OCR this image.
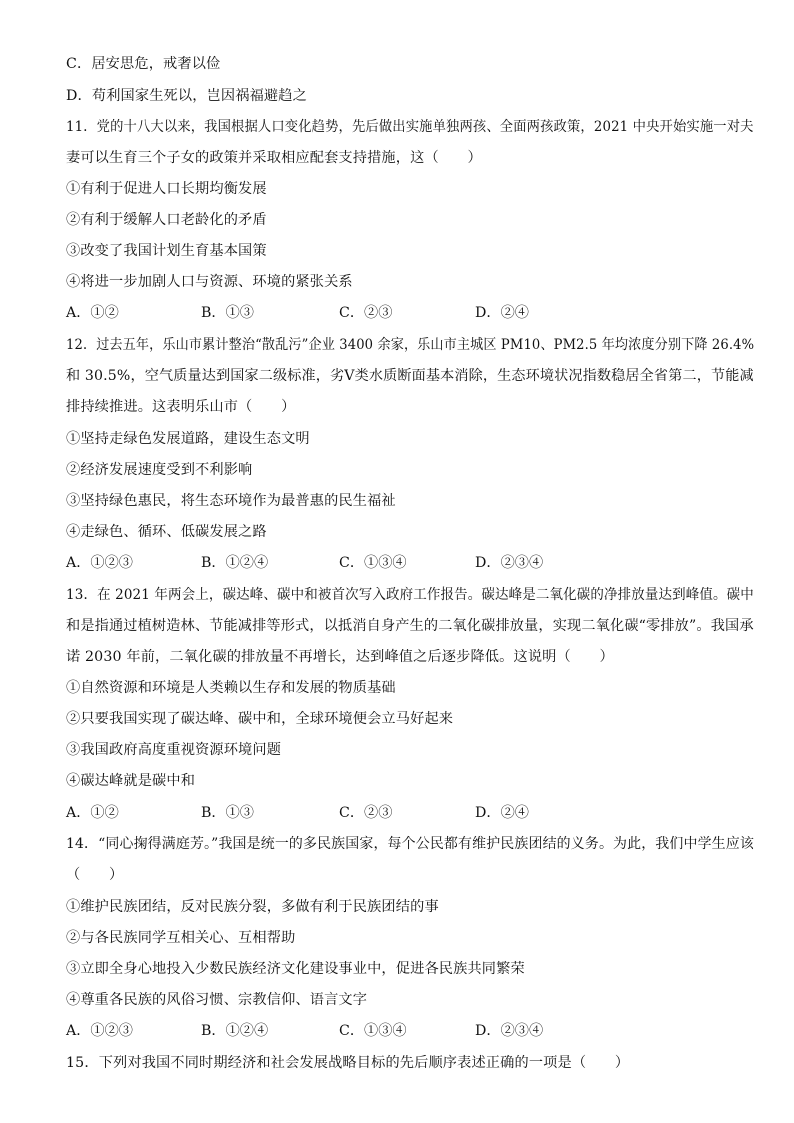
C．居安思危，戒奢以俭
D．苟利国家生死以，岂因祸福避趋之
11．党的十八大以来，我国根据人口变化趋势，先后做出实施单独两孩、全面两孩政策，2021 中央开始实施一对夫
妻可以生育三个子女的政策并采取相应配套支持措施，这（　　）
①有利于促进人口长期均衡发展
②有利于缓解人口老龄化的矛盾
③改变了我国计划生育基本国策
④将进一步加剧人口与资源、环境的紧张关系
A．①②	B．①③	C．②③	D．②④
12．过去五年，乐山市累计整治“散乱污”企业 3400 余家，乐山市主城区 PM10、PM2.5 年均浓度分别下降 26.4%
和 30.5%，空气质量达到国家二级标准，劣Ⅴ类水质断面基本消除，生态环境状况指数稳居全省第二，节能减
排持续推进。这表明乐山市（　　）
①坚持走绿色发展道路，建设生态文明
②经济发展速度受到不利影响
③坚持绿色惠民，将生态环境作为最普惠的民生福祉
④走绿色、循环、低碳发展之路
A．①②③	B．①②④	C．①③④	D．②③④
13．在 2021 年两会上，碳达峰、碳中和被首次写入政府工作报告。碳达峰是二氧化碳的净排放量达到峰值。碳中
和是指通过植树造林、节能减排等形式，以抵消自身产生的二氧化碳排放量，实现二氧化碳“零排放”。我国承
诺 2030 年前，二氧化碳的排放量不再增长，达到峰值之后逐步降低。这说明（　　）
①自然资源和环境是人类赖以生存和发展的物质基础
②只要我国实现了碳达峰、碳中和，全球环境便会立马好起来
③我国政府高度重视资源环境问题
④碳达峰就是碳中和
A．①②	B．①③	C．②③	D．②④
14．“同心掬得满庭芳。”我国是统一的多民族国家，每个公民都有维护民族团结的义务。为此，我们中学生应该
（　　）
①维护民族团结，反对民族分裂，多做有利于民族团结的事
②与各民族同学互相关心、互相帮助
③立即全身心地投入少数民族经济文化建设事业中，促进各民族共同繁荣
④尊重各民族的风俗习惯、宗教信仰、语言文字
A．①②③	B．①②④	C．①③④	D．②③④
15．下列对我国不同时期经济和社会发展战略目标的先后顺序表述正确的一项是（　　）
